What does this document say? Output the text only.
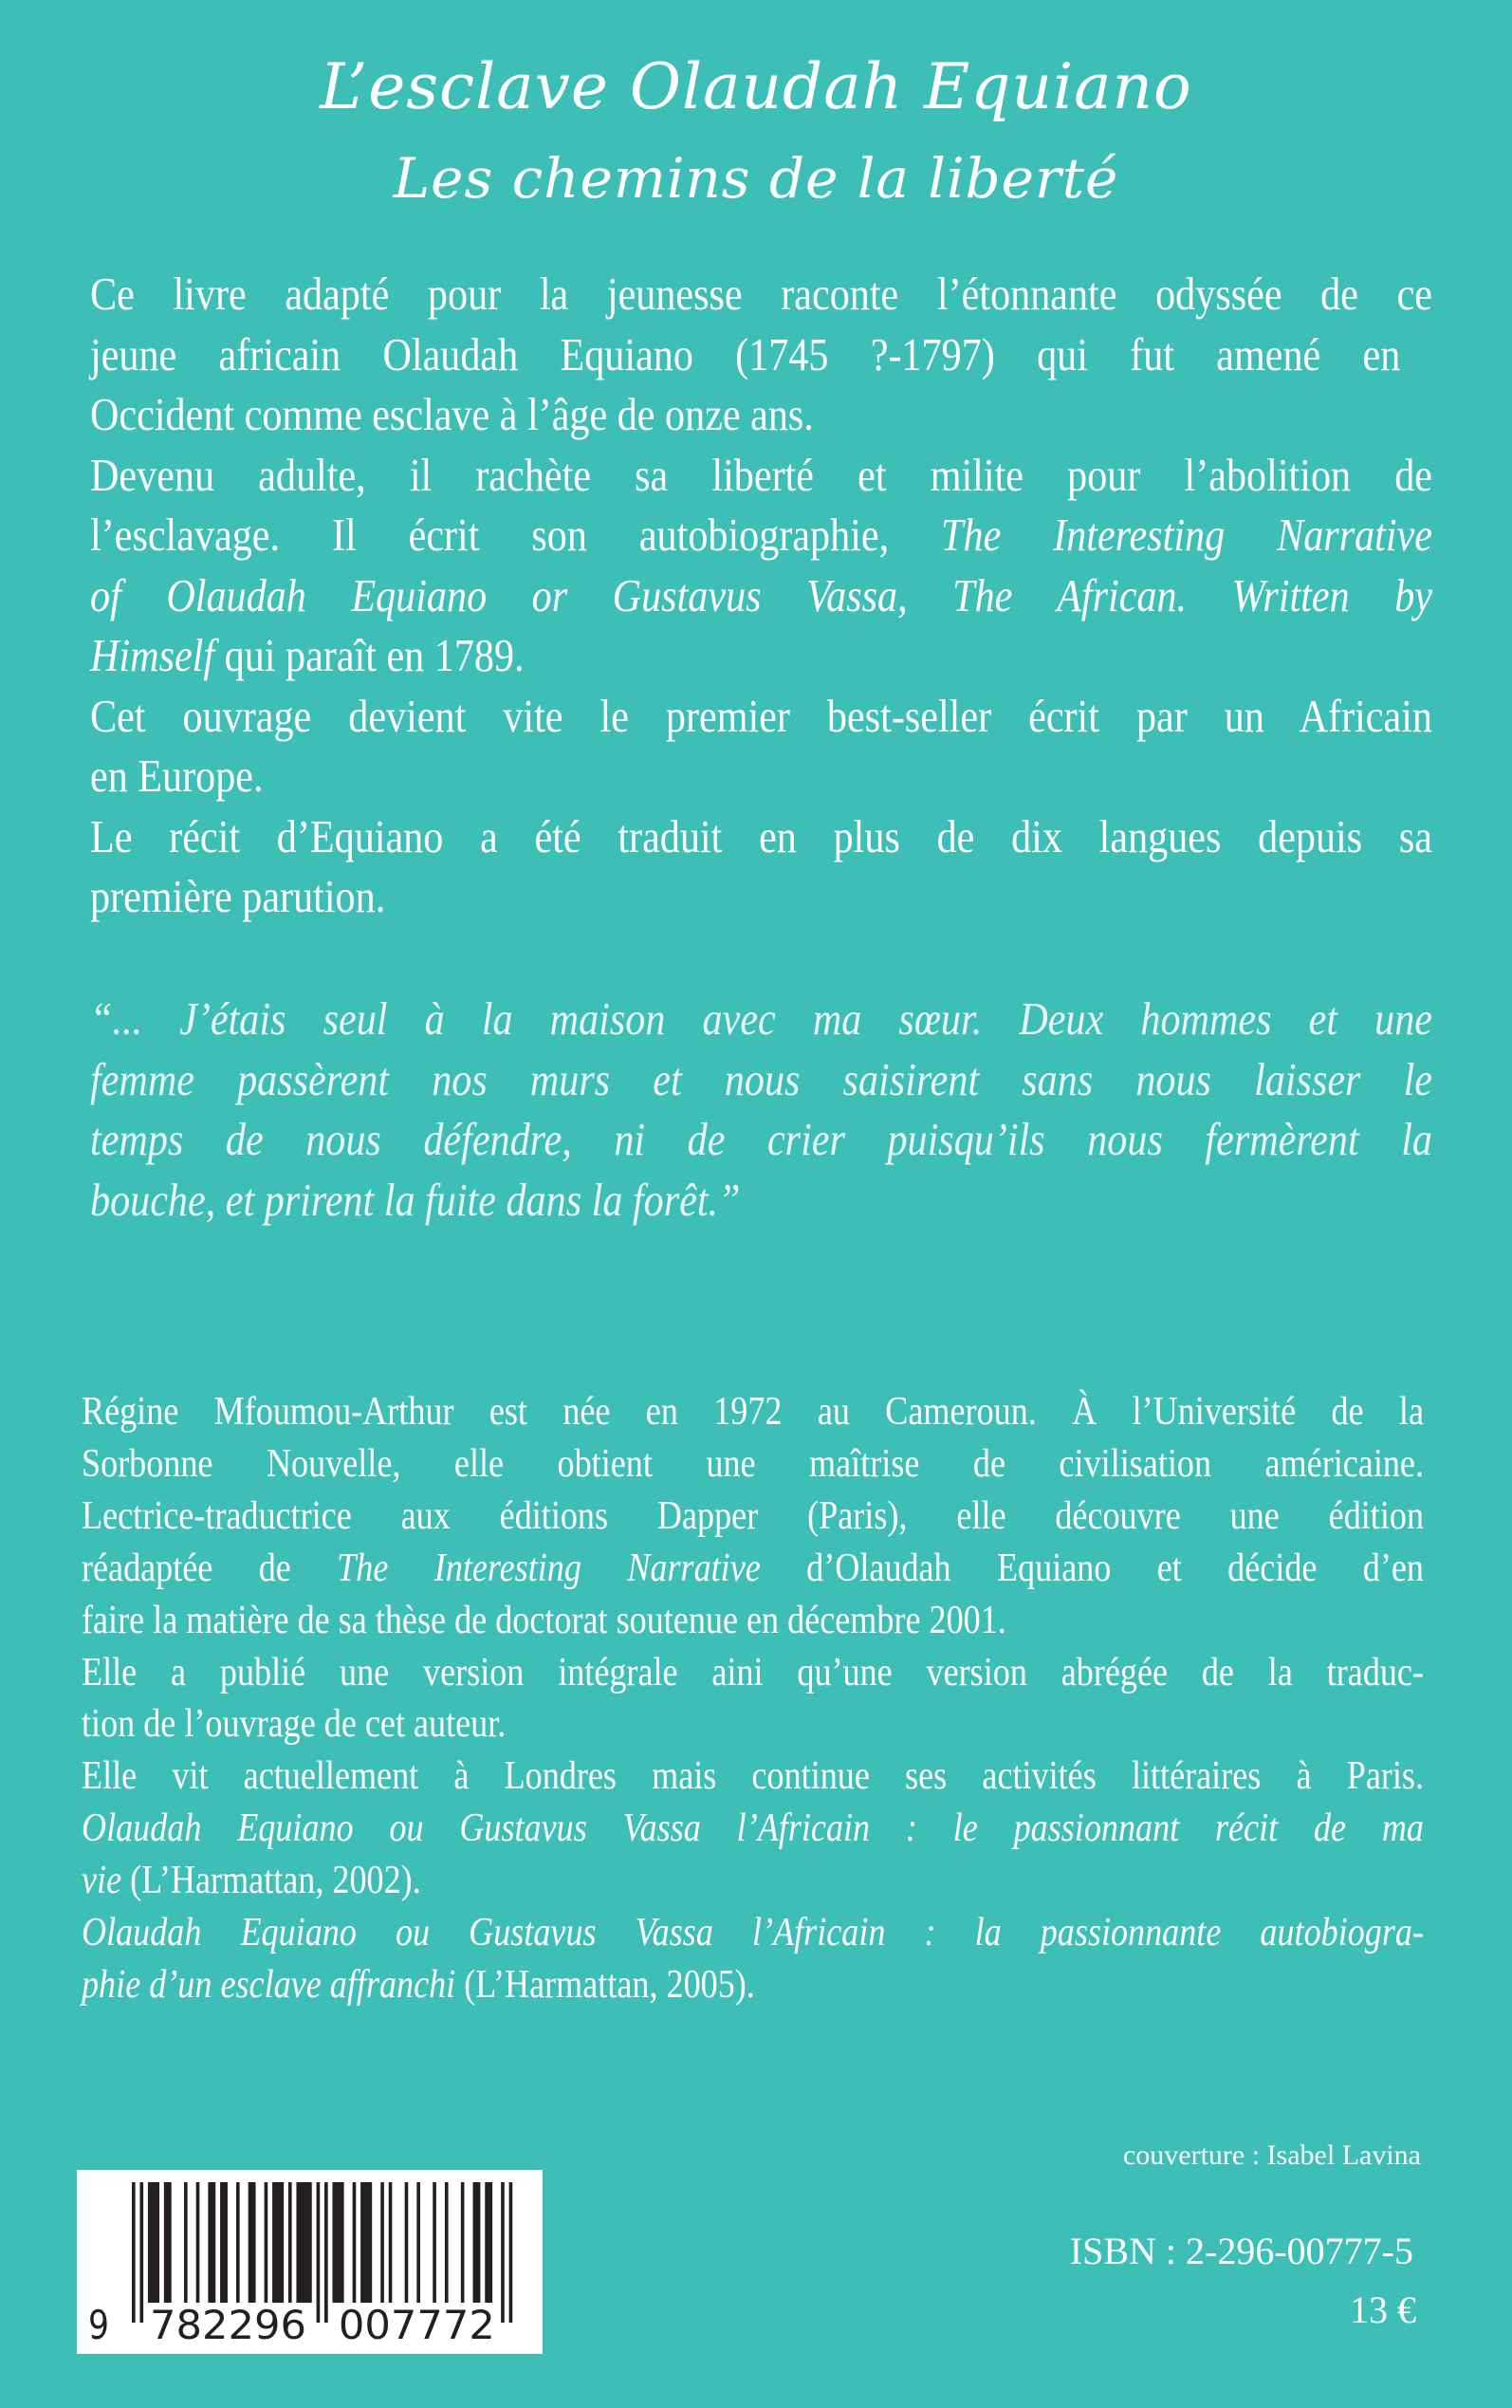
L’esclave Olaudah Equiano
Les chemins de la liberté
Ce livre adapté pour la jeunesse raconte l’étonnante odyssée de ce
jeune africain Olaudah Equiano (1745 ?-1797) qui fut amené en
Occident comme esclave à l’âge de onze ans.
Devenu adulte, il rachète sa liberté et milite pour l’abolition de
l’esclavage. Il écrit son autobiographie, The Interesting Narrative
of Olaudah Equiano or Gustavus Vassa, The African. Written by
Himself qui paraît en 1789.
Cet ouvrage devient vite le premier best-seller écrit par un Africain
en Europe.
Le récit d’Equiano a été traduit en plus de dix langues depuis sa
première parution.
“... J’étais seul à la maison avec ma sœur. Deux hommes et une
femme passèrent nos murs et nous saisirent sans nous laisser le
temps de nous défendre, ni de crier puisqu’ils nous fermèrent la
bouche, et prirent la fuite dans la forêt.”
Régine Mfoumou-Arthur est née en 1972 au Cameroun. À l’Université de la
Sorbonne Nouvelle, elle obtient une maîtrise de civilisation américaine.
Lectrice-traductrice aux éditions Dapper (Paris), elle découvre une édition
réadaptée de The Interesting Narrative d’Olaudah Equiano et décide d’en
faire la matière de sa thèse de doctorat soutenue en décembre 2001.
Elle a publié une version intégrale aini qu’une version abrégée de la traduc-
tion de l’ouvrage de cet auteur.
Elle vit actuellement à Londres mais continue ses activités littéraires à Paris.
Olaudah Equiano ou Gustavus Vassa l’Africain : le passionnant récit de ma
vie (L’Harmattan, 2002).
Olaudah Equiano ou Gustavus Vassa l’Africain : la passionnante autobiogra-
phie d’un esclave affranchi (L’Harmattan, 2005).
couverture : Isabel Lavina
ISBN : 2-296-00777-5
13 €
9 782296 007772
